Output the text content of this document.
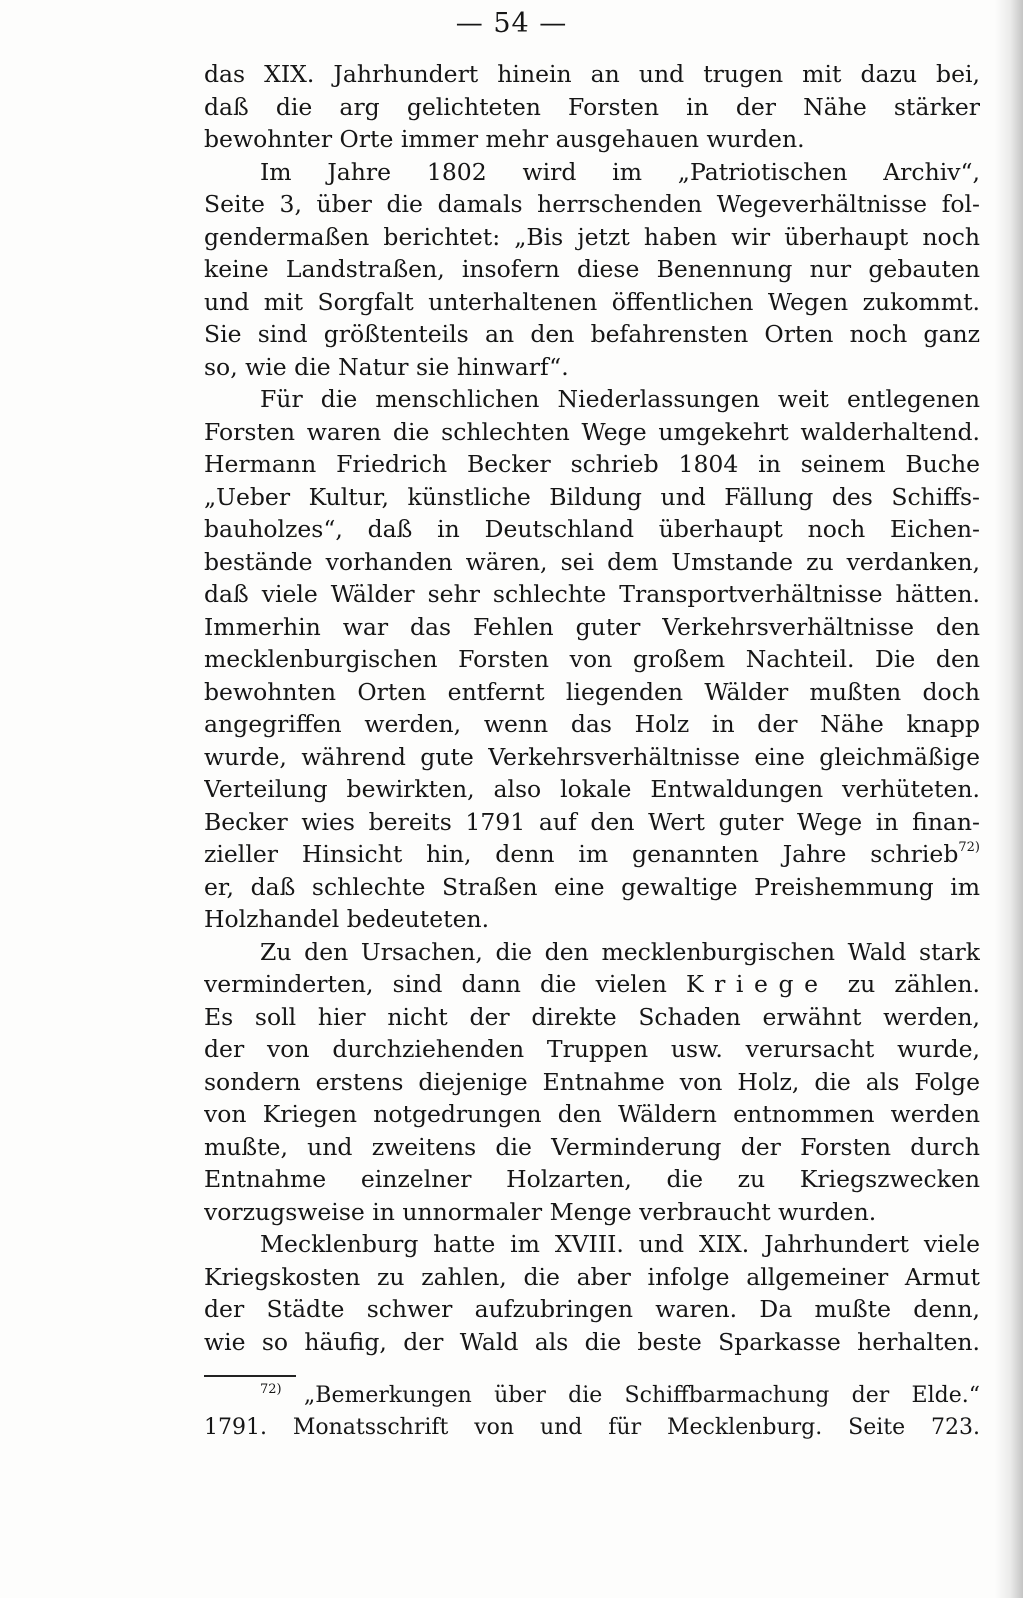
— 54 —
das XIX. Jahrhundert hinein an und trugen mit dazu bei,
daß die arg gelichteten Forsten in der Nähe stärker
bewohnter Orte immer mehr ausgehauen wurden.
Im Jahre 1802 wird im „Patriotischen Archiv“,
Seite 3, über die damals herrschenden Wegeverhältnisse fol-
gendermaßen berichtet: „Bis jetzt haben wir überhaupt noch
keine Landstraßen, insofern diese Benennung nur gebauten
und mit Sorgfalt unterhaltenen öffentlichen Wegen zukommt.
Sie sind größtenteils an den befahrensten Orten noch ganz
so, wie die Natur sie hinwarf“.
Für die menschlichen Niederlassungen weit entlegenen
Forsten waren die schlechten Wege umgekehrt walderhaltend.
Hermann Friedrich Becker schrieb 1804 in seinem Buche
„Ueber Kultur, künstliche Bildung und Fällung des Schiffs-
bauholzes“, daß in Deutschland überhaupt noch Eichen-
bestände vorhanden wären, sei dem Umstande zu verdanken,
daß viele Wälder sehr schlechte Transportverhältnisse hätten.
Immerhin war das Fehlen guter Verkehrsverhältnisse den
mecklenburgischen Forsten von großem Nachteil. Die den
bewohnten Orten entfernt liegenden Wälder mußten doch
angegriffen werden, wenn das Holz in der Nähe knapp
wurde, während gute Verkehrsverhältnisse eine gleichmäßige
Verteilung bewirkten, also lokale Entwaldungen verhüteten.
Becker wies bereits 1791 auf den Wert guter Wege in finan-
zieller Hinsicht hin, denn im genannten Jahre schrieb$^{72)}$
er, daß schlechte Straßen eine gewaltige Preishemmung im
Holzhandel bedeuteten.
Zu den Ursachen, die den mecklenburgischen Wald stark
verminderten, sind dann die vielen Kriege zu zählen.
Es soll hier nicht der direkte Schaden erwähnt werden,
der von durchziehenden Truppen usw. verursacht wurde,
sondern erstens diejenige Entnahme von Holz, die als Folge
von Kriegen notgedrungen den Wäldern entnommen werden
mußte, und zweitens die Verminderung der Forsten durch
Entnahme einzelner Holzarten, die zu Kriegszwecken
vorzugsweise in unnormaler Menge verbraucht wurden.
Mecklenburg hatte im XVIII. und XIX. Jahrhundert viele
Kriegskosten zu zahlen, die aber infolge allgemeiner Armut
der Städte schwer aufzubringen waren. Da mußte denn,
wie so häufig, der Wald als die beste Sparkasse herhalten.
$^{72)}$ „Bemerkungen über die Schiffbarmachung der Elde.“
1791. Monatsschrift von und für Mecklenburg. Seite 723.
